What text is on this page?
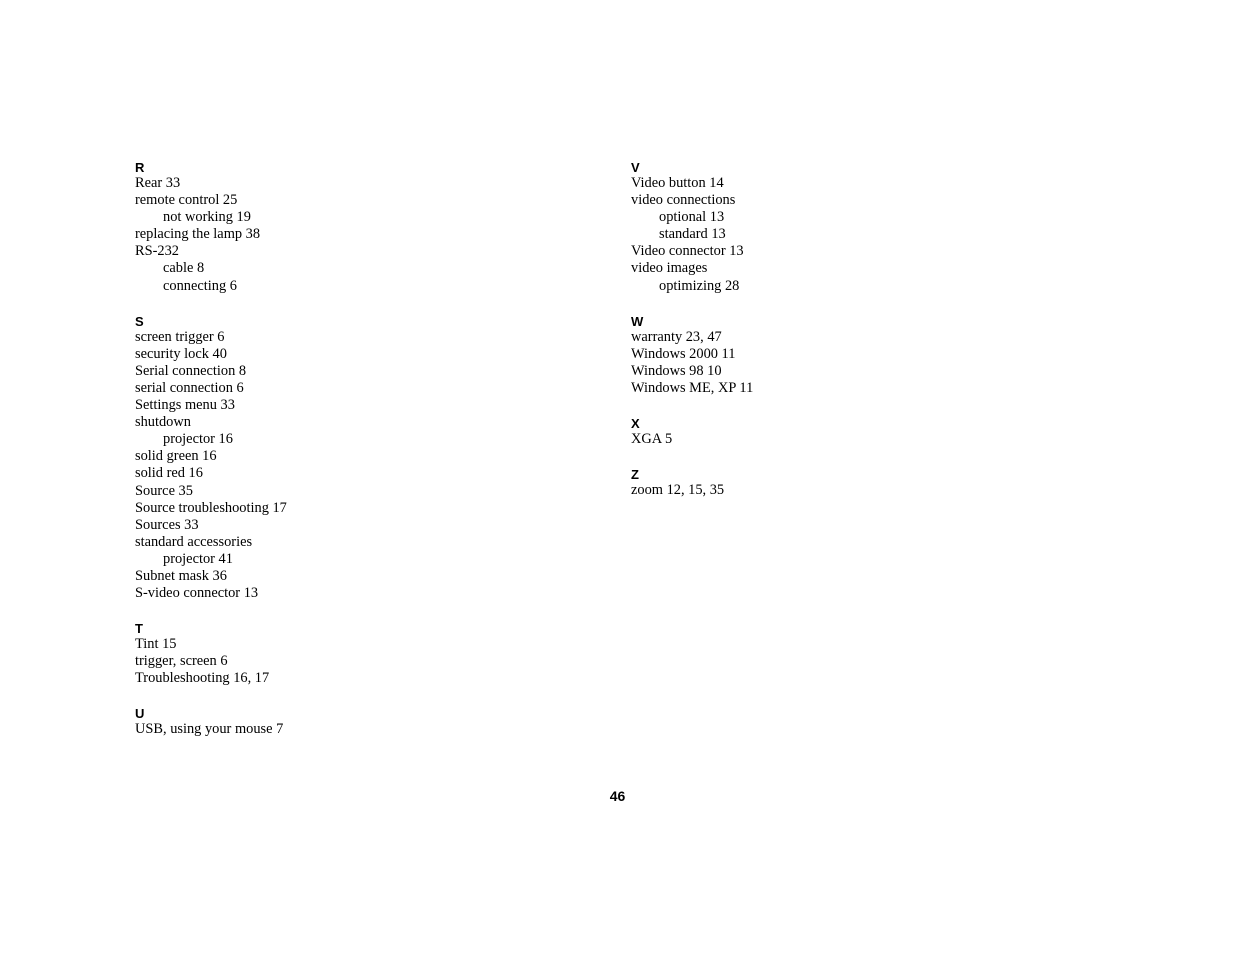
R
Rear 33
remote control 25
not working 19
replacing the lamp 38
RS-232
cable 8
connecting 6
S
screen trigger 6
security lock 40
Serial connection 8
serial connection 6
Settings menu 33
shutdown
projector 16
solid green 16
solid red 16
Source 35
Source troubleshooting 17
Sources 33
standard accessories
projector 41
Subnet mask 36
S-video connector 13
T
Tint 15
trigger, screen 6
Troubleshooting 16, 17
U
USB, using your mouse 7
V
Video button 14
video connections
optional 13
standard 13
Video connector 13
video images
optimizing 28
W
warranty 23, 47
Windows 2000 11
Windows 98 10
Windows ME, XP 11
X
XGA 5
Z
zoom 12, 15, 35
46
